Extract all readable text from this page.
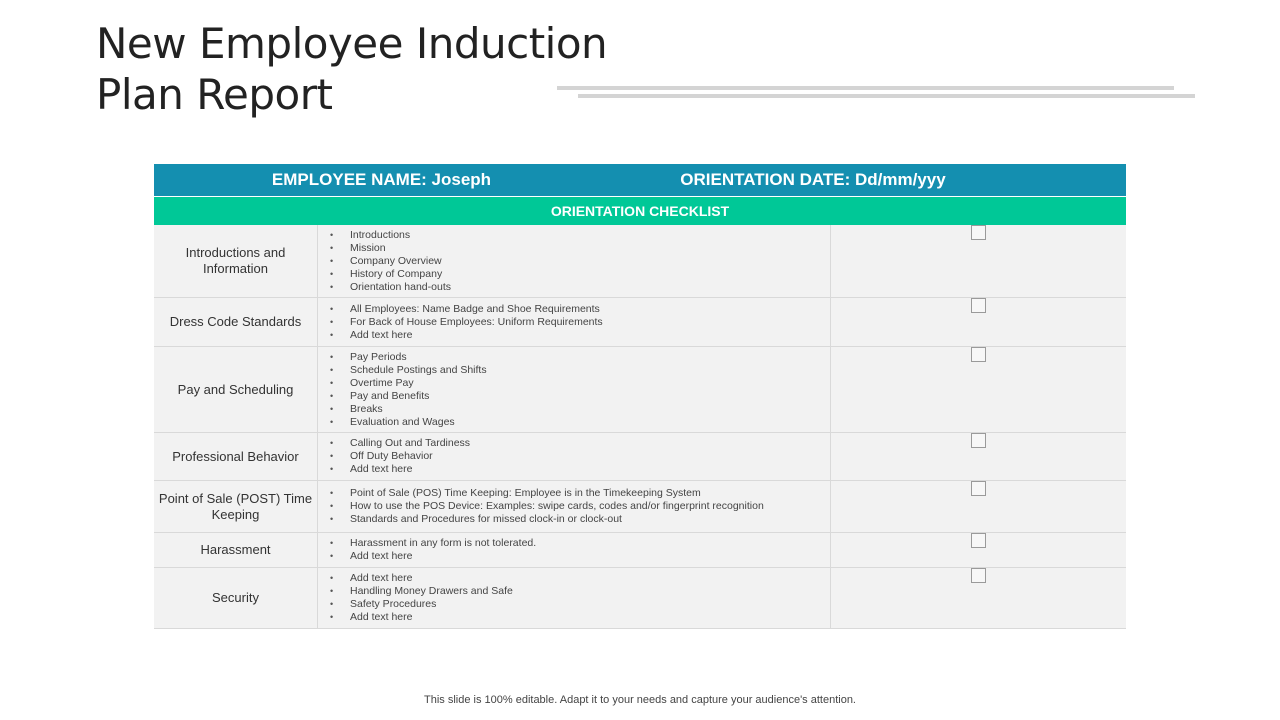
New Employee Induction
Plan Report
EMPLOYEE NAME: Joseph	ORIENTATION DATE: Dd/mm/yyy
ORIENTATION CHECKLIST
Introductions and Information
• Introductions
• Mission
• Company Overview
• History of Company
• Orientation hand-outs
Dress Code Standards
• All Employees: Name Badge and Shoe Requirements
• For Back of House Employees: Uniform Requirements
• Add text here
Pay and Scheduling
• Pay Periods
• Schedule Postings and Shifts
• Overtime Pay
• Pay and Benefits
• Breaks
• Evaluation and Wages
Professional Behavior
• Calling Out and Tardiness
• Off Duty Behavior
• Add text here
Point of Sale (POST) Time Keeping
• Point of Sale (POS) Time Keeping: Employee is in the Timekeeping System
• How to use the POS Device: Examples: swipe cards, codes and/or fingerprint recognition
• Standards and Procedures for missed clock-in or clock-out
Harassment
•	Harassment in any form is not tolerated.
• Add text here
Security
• Add text here
• Handling Money Drawers and Safe
• Safety Procedures
• Add text here
This slide is 100% editable. Adapt it to your needs and capture your audience's attention.
